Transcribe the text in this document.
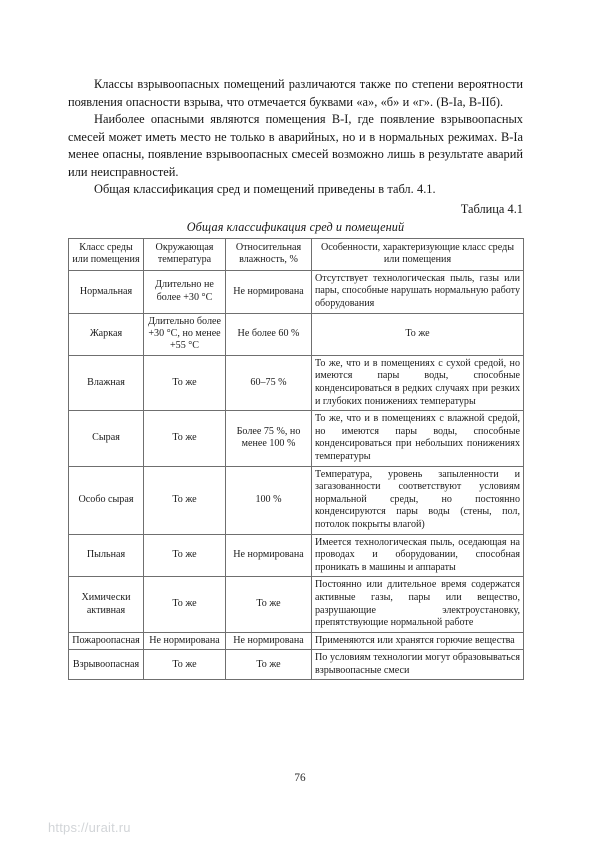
Классы взрывоопасных помещений различаются также по степени вероятности появления опасности взрыва, что отмечается буквами «а», «б» и «г». (В-Iа, В-IIб).

Наиболее опасными являются помещения В-I, где появление взрывоопасных смесей может иметь место не только в аварийных, но и в нормальных режимах. В-Iа менее опасны, появление взрывоопасных смесей возможно лишь в результате аварий или неисправностей.

Общая классификация сред и помещений приведены в табл. 4.1.

Таблица 4.1
Общая классификация сред и помещений
Класс среды или помещения	Окружающая температура	Относительная влажность, %	Особенности, характеризующие класс среды или помещения
Нормальная	Длительно не более +30 °С	Не нормирована	Отсутствует технологическая пыль, газы или пары, способные нарушать нормальную работу оборудования
Жаркая	Длительно более +30 °С, но менее +55 °С	Не более 60 %	То же
Влажная	То же	60–75 %	То же, что и в помещениях с сухой средой, но имеются пары воды, способные конденсироваться в редких случаях при резких и глубоких понижениях температуры
Сырая	То же	Более 75 %, но менее 100 %	То же, что и в помещениях с влажной средой, но имеются пары воды, способные конденсироваться при небольших понижениях температуры
Особо сырая	То же	100 %	Температура, уровень запыленности и загазованности соответствуют условиям нормальной среды, но постоянно конденсируются пары воды (стены, пол, потолок покрыты влагой)
Пыльная	То же	Не нормирована	Имеется технологическая пыль, оседающая на проводах и оборудовании, способная проникать в машины и аппараты
Химически активная	То же	То же	Постоянно или длительное время содержатся активные газы, пары или вещество, разрушающие электроустановку, препятствующие нормальной работе
Пожароопасная	Не нормирована	Не нормирована	Применяются или хранятся горючие вещества
Взрывоопасная	То же	То же	По условиям технологии могут образовываться взрывоопасные смеси
76
https://urait.ru
